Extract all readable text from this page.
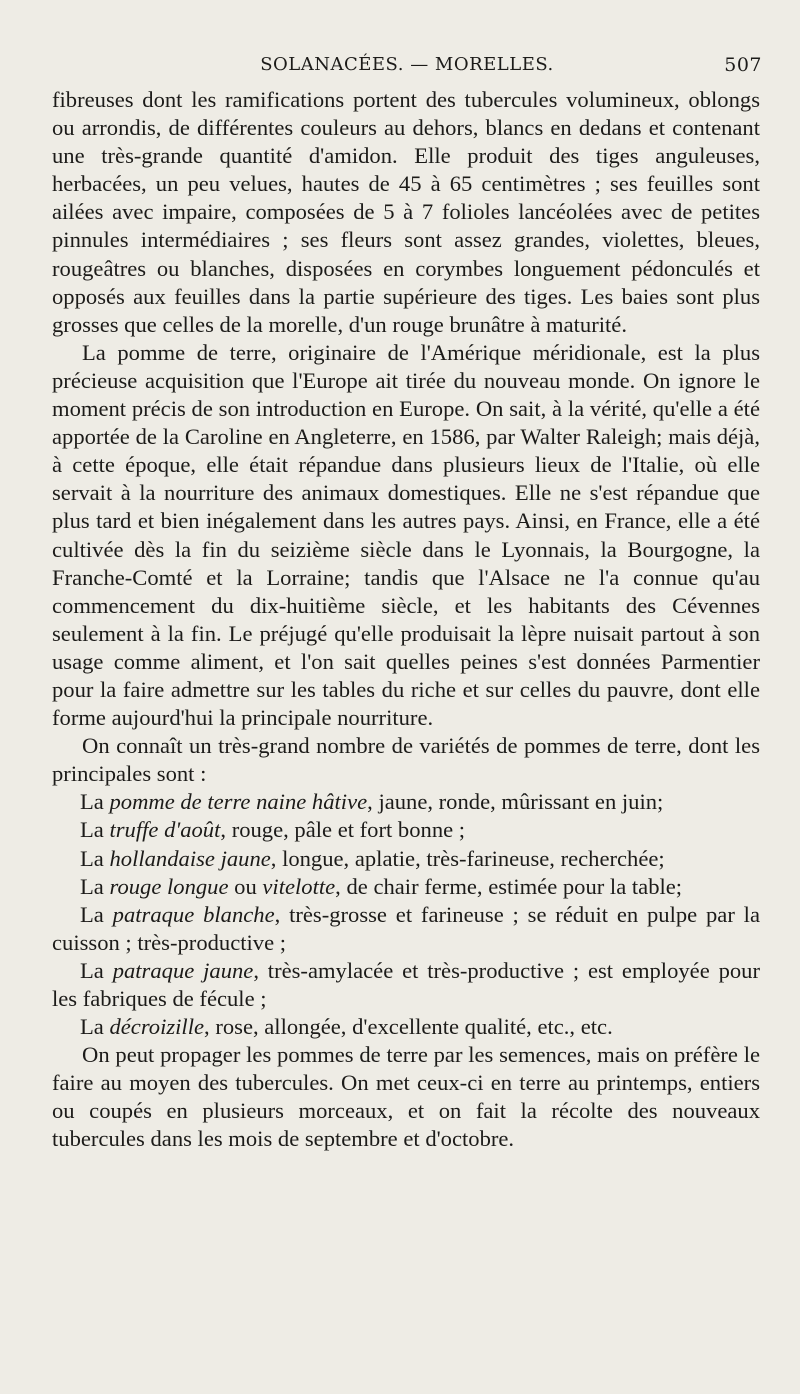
SOLANACÉES. — MORELLES.	507

fibreuses dont les ramifications portent des tubercules volumineux, oblongs ou arrondis, de différentes couleurs au dehors, blancs en dedans et contenant une très-grande quantité d'amidon. Elle produit des tiges anguleuses, herbacées, un peu velues, hautes de 45 à 65 centimètres ; ses feuilles sont ailées avec impaire, composées de 5 à 7 folioles lancéolées avec de petites pinnules intermédiaires ; ses fleurs sont assez grandes, violettes, bleues, rougeâtres ou blanches, disposées en corymbes longuement pédonculés et opposés aux feuilles dans la partie supérieure des tiges. Les baies sont plus grosses que celles de la morelle, d'un rouge brunâtre à maturité.

La pomme de terre, originaire de l'Amérique méridionale, est la plus précieuse acquisition que l'Europe ait tirée du nouveau monde. On ignore le moment précis de son introduction en Europe. On sait, à la vérité, qu'elle a été apportée de la Caroline en Angleterre, en 1586, par Walter Raleigh; mais déjà, à cette époque, elle était répandue dans plusieurs lieux de l'Italie, où elle servait à la nourriture des animaux domestiques. Elle ne s'est répandue que plus tard et bien inégalement dans les autres pays. Ainsi, en France, elle a été cultivée dès la fin du seizième siècle dans le Lyonnais, la Bourgogne, la Franche-Comté et la Lorraine; tandis que l'Alsace ne l'a connue qu'au commencement du dix-huitième siècle, et les habitants des Cévennes seulement à la fin. Le préjugé qu'elle produisait la lèpre nuisait partout à son usage comme aliment, et l'on sait quelles peines s'est données Parmentier pour la faire admettre sur les tables du riche et sur celles du pauvre, dont elle forme aujourd'hui la principale nourriture.

On connaît un très-grand nombre de variétés de pommes de terre, dont les principales sont :

La pomme de terre naine hâtive, jaune, ronde, mûrissant en juin;

La truffe d'août, rouge, pâle et fort bonne ;

La hollandaise jaune, longue, aplatie, très-farineuse, recherchée;

La rouge longue ou vitelotte, de chair ferme, estimée pour la table;

La patraque blanche, très-grosse et farineuse ; se réduit en pulpe par la cuisson ; très-productive ;

La patraque jaune, très-amylacée et très-productive ; est employée pour les fabriques de fécule ;

La décroizille, rose, allongée, d'excellente qualité, etc., etc.

On peut propager les pommes de terre par les semences, mais on préfère le faire au moyen des tubercules. On met ceux-ci en terre au printemps, entiers ou coupés en plusieurs morceaux, et on fait la récolte des nouveaux tubercules dans les mois de septembre et d'octobre.
